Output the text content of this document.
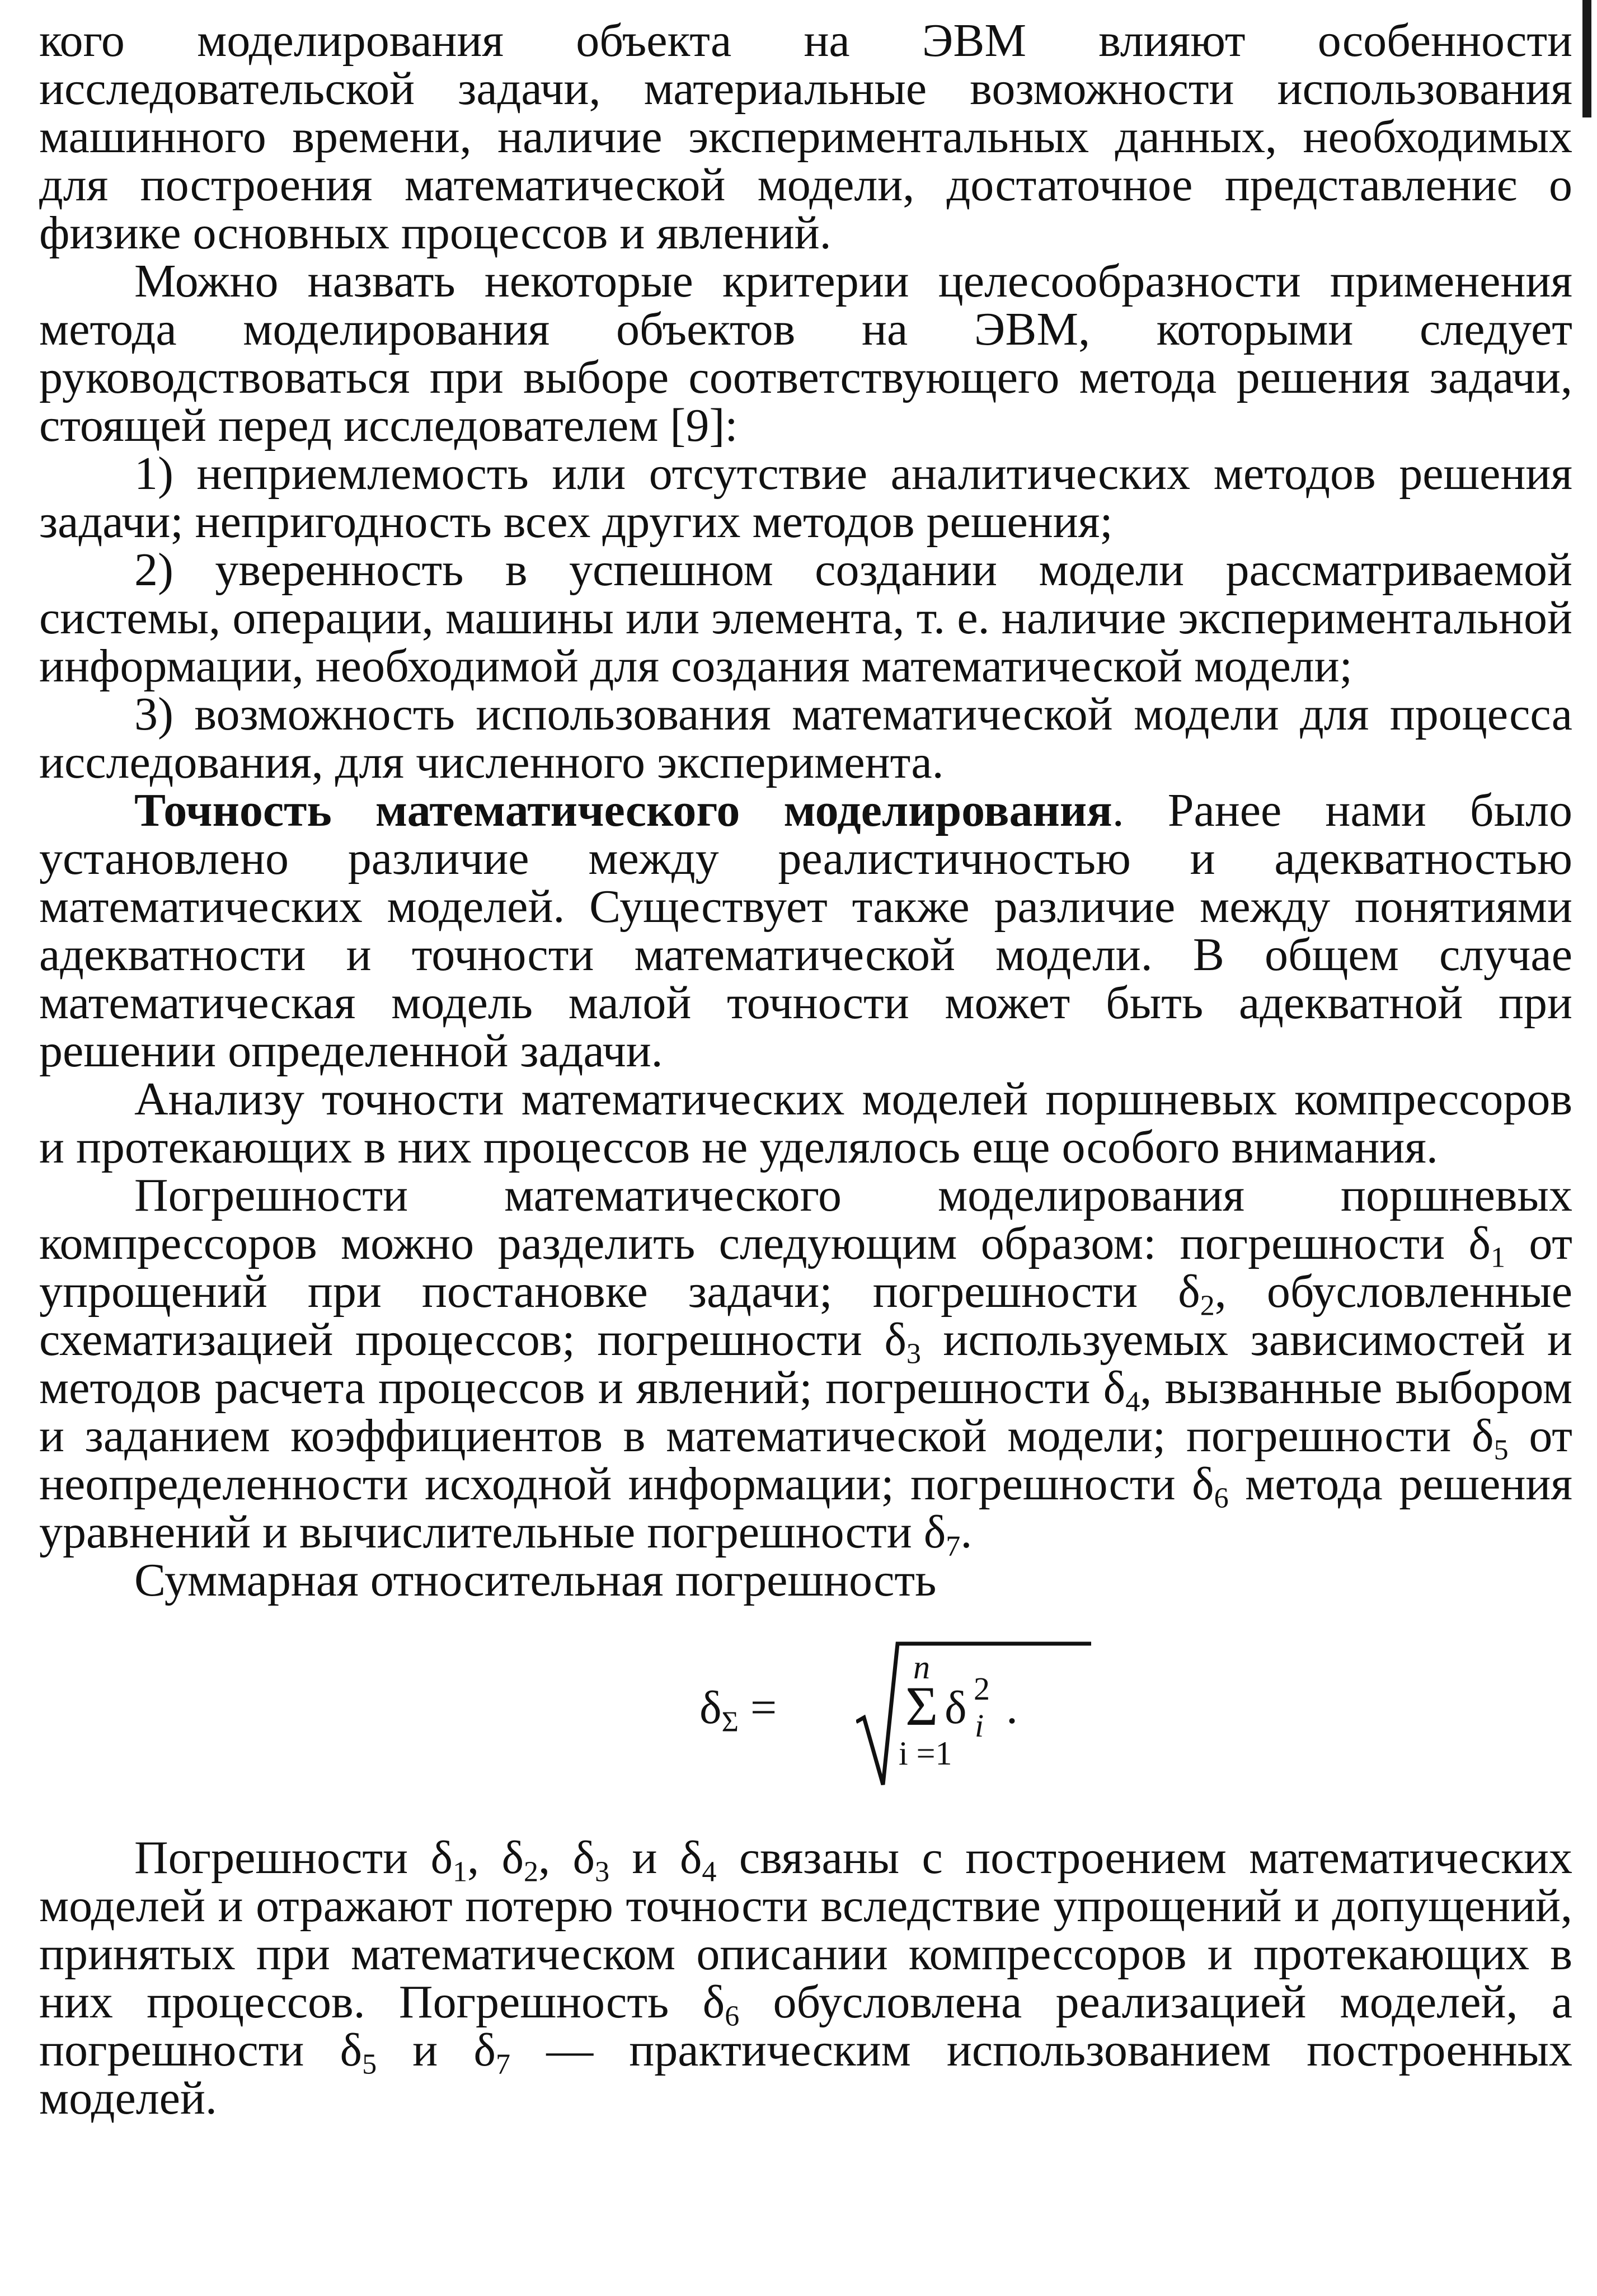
кого моделирования объекта на ЭВМ влияют особенности исследовательской задачи, материальные возможности использования машинного времени, наличие экспериментальных данных, необходимых для построения математической модели, достаточное представлениє о физике основных процессов и явлений.

Можно назвать некоторые критерии целесообразности применения метода моделирования объектов на ЭВМ, которыми следует руководствоваться при выборе соответствующего метода решения задачи, стоящей перед исследователем [9]:

1) неприемлемость или отсутствие аналитических методов решения задачи; непригодность всех других методов решения;

2) уверенность в успешном создании модели рассматриваемой системы, операции, машины или элемента, т. е. наличие экспериментальной информации, необходимой для создания математической модели;

3) возможность использования математической модели для процесса исследования, для численного эксперимента.

Точность математического моделирования. Ранее нами было установлено различие между реалистичностью и адекватностью математических моделей. Существует также различие между понятиями адекватности и точности математической модели. В общем случае математическая модель малой точности может быть адекватной при решении определенной задачи.

Анализу точности математических моделей поршневых компрессоров и протекающих в них процессов не уделялось еще особого внимания.

Погрешности математического моделирования поршневых компрессоров можно разделить следующим образом: погрешности $\delta_1$ от упрощений при постановке задачи; погрешности $\delta_2$, обусловленные схематизацией процессов; погрешности $\delta_3$ используемых зависимостей и методов расчета процессов и явлений; погрешности $\delta_4$, вызванные выбором и заданием коэффициентов в математической модели; погрешности $\delta_5$ от неопределенности исходной информации; погрешности $\delta_6$ метода решения уравнений и вычислительные погрешности $\delta_7$.

Суммарная относительная погрешность

$\delta_\Sigma$ =
n
Σ
i =1
δ 2
i .

Погрешности $\delta_1$, $\delta_2$, $\delta_3$ и $\delta_4$ связаны с построением математических моделей и отражают потерю точности вследствие упрощений и допущений, принятых при математическом описании компрессоров и протекающих в них процессов. Погрешность $\delta_6$ обусловлена реализацией моделей, а погрешности $\delta_5$ и $\delta_7$ — практическим использованием построенных моделей.
